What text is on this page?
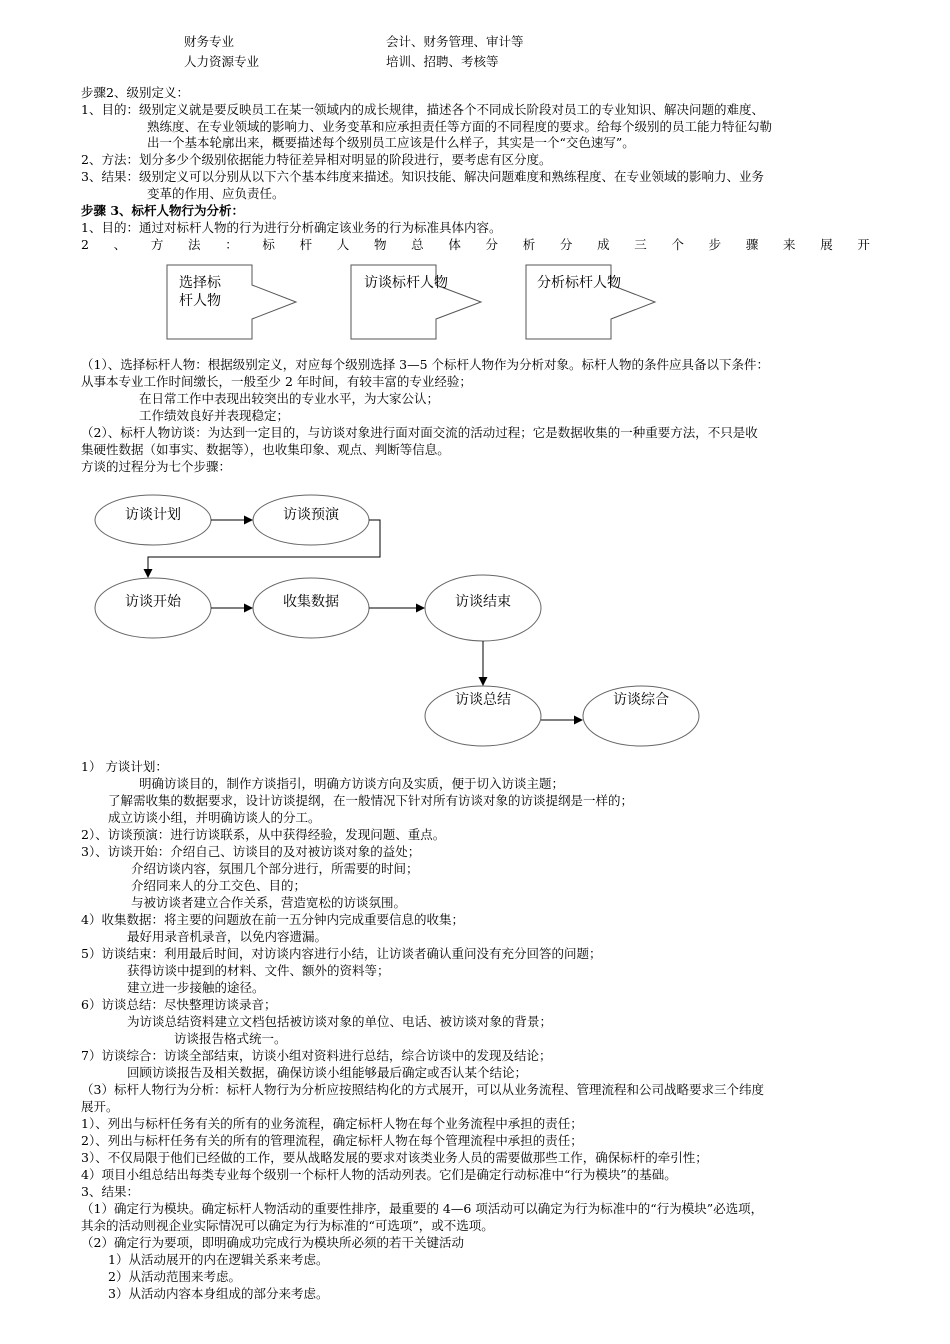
财务专业	会计、财务管理、审计等
人力资源专业	培训、招聘、考核等
步骤2、级别定义：
1、目的：级别定义就是要反映员工在某一领域内的成长规律，描述各个不同成长阶段对员工的专业知识、解决问题的难度、
熟练度、在专业领域的影响力、业务变革和应承担责任等方面的不同程度的要求。给每个级别的员工能力特征勾勒
出一个基本轮廓出来，概要描述每个级别员工应该是什么样子，其实是一个“交色速写”。
2、方法：划分多少个级别依据能力特征差异相对明显的阶段进行，要考虑有区分度。
3、结果：级别定义可以分别从以下六个基本纬度来描述。知识技能、解决问题难度和熟练程度、在专业领域的影响力、业务
变革的作用、应负责任。
步骤 3、标杆人物行为分析：
1、目的：通过对标杆人物的行为进行分析确定该业务的行为标准具体内容。
2 、 方 法 ： 标 杆 人 物 总 体 分 析 分 成 三 个 步 骤 来 展 开
选择标
杆人物
访谈标杆人物	分析标杆人物
（1）、选择标杆人物：根据级别定义，对应每个级别选择 3—5 个标杆人物作为分析对象。标杆人物的条件应具备以下条件：
从事本专业工作时间缴长，一般至少 2 年时间，有较丰富的专业经验；
在日常工作中表现出较突出的专业水平，为大家公认；
工作绩效良好并表现稳定；
（2）、标杆人物访谈：为达到一定目的，与访谈对象进行面对面交流的活动过程；它是数据收集的一种重要方法，不只是收
集硬性数据（如事实、数据等），也收集印象、观点、判断等信息。
方谈的过程分为七个步骤：
访谈计划	访谈预演
访谈开始	收集数据	访谈结束
访谈总结	访谈综合
1） 方谈计划：
明确访谈目的，制作方谈指引，明确方访谈方向及实质，便于切入访谈主题；
了解需收集的数据要求，设计访谈提纲，在一般情况下针对所有访谈对象的访谈提纲是一样的；
成立访谈小组，并明确访谈人的分工。
2）、访谈预演：进行访谈联系，从中获得经验，发现问题、重点。
3）、访谈开始：介绍自己、访谈目的及对被访谈对象的益处；
介绍访谈内容，氛围几个部分进行，所需要的时间；
介绍同来人的分工交色、目的；
与被访谈者建立合作关系，营造宽松的访谈氛围。
4）收集数据：将主要的问题放在前一五分钟内完成重要信息的收集；
最好用录音机录音，以免内容遗漏。
5）访谈结束：利用最后时间，对访谈内容进行小结，让访谈者确认重问没有充分回答的问题；
获得访谈中提到的材料、文件、额外的资料等；
建立进一步接触的途径。
6）访谈总结：尽快整理访谈录音；
为访谈总结资料建立文档包括被访谈对象的单位、电话、被访谈对象的背景；
访谈报告格式统一。
7）访谈综合：访谈全部结束，访谈小组对资料进行总结，综合访谈中的发现及结论；
回顾访谈报告及相关数据，确保访谈小组能够最后确定或否认某个结论；
（3）标杆人物行为分析：标杆人物行为分析应按照结构化的方式展开，可以从业务流程、管理流程和公司战略要求三个纬度
展开。
1）、列出与标杆任务有关的所有的业务流程，确定标杆人物在每个业务流程中承担的责任；
2）、列出与标杆任务有关的所有的管理流程，确定标杆人物在每个管理流程中承担的责任；
3）、不仅局限于他们已经做的工作，要从战略发展的要求对该类业务人员的需要做那些工作，确保标杆的牵引性；
4）项目小组总结出每类专业每个级别一个标杆人物的活动列表。它们是确定行动标准中“行为模块”的基础。
3、结果：
（1）确定行为模块。确定标杆人物活动的重要性排序，最重要的 4—6 项活动可以确定为行为标准中的“行为模块”必选项，
其余的活动则视企业实际情况可以确定为行为标准的“可选项”，或不选项。
（2）确定行为要项，即明确成功完成行为模块所必须的若干关键活动
1）从活动展开的内在逻辑关系来考虑。
2）从活动范围来考虑。
3）从活动内容本身组成的部分来考虑。
